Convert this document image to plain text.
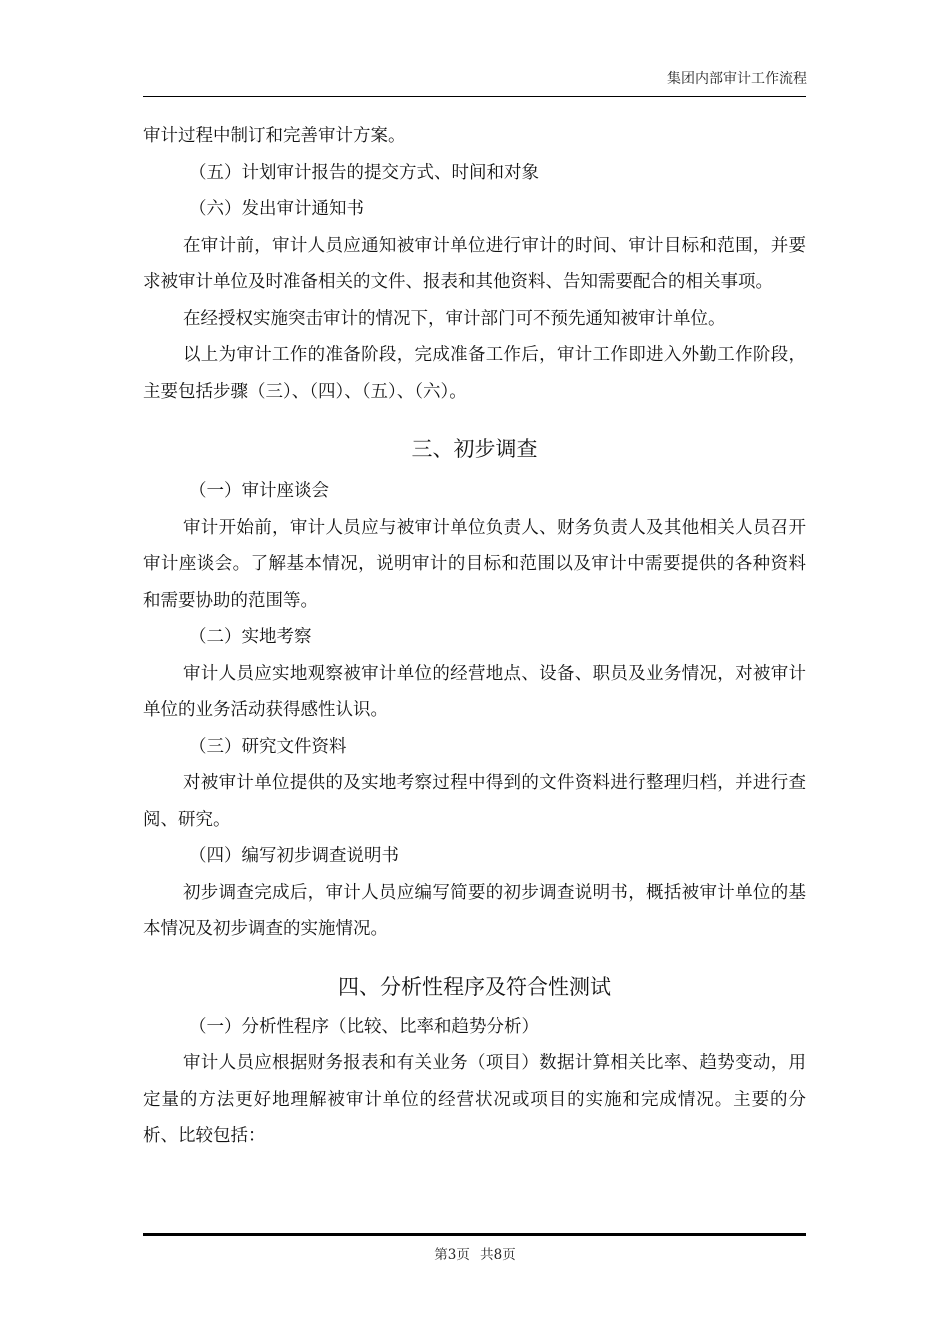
集团内部审计工作流程

审计过程中制订和完善审计方案。

（五）计划审计报告的提交方式、时间和对象

（六）发出审计通知书

在审计前，审计人员应通知被审计单位进行审计的时间、审计目标和范围，并要求被审计单位及时准备相关的文件、报表和其他资料、告知需要配合的相关事项。

在经授权实施突击审计的情况下，审计部门可不预先通知被审计单位。

以上为审计工作的准备阶段，完成准备工作后，审计工作即进入外勤工作阶段，主要包括步骤（三）、（四）、（五）、（六）。

三、初步调查

（一）审计座谈会

审计开始前，审计人员应与被审计单位负责人、财务负责人及其他相关人员召开审计座谈会。了解基本情况，说明审计的目标和范围以及审计中需要提供的各种资料和需要协助的范围等。

（二）实地考察

审计人员应实地观察被审计单位的经营地点、设备、职员及业务情况，对被审计单位的业务活动获得感性认识。

（三）研究文件资料

对被审计单位提供的及实地考察过程中得到的文件资料进行整理归档，并进行查阅、研究。

（四）编写初步调查说明书

初步调查完成后，审计人员应编写简要的初步调查说明书，概括被审计单位的基本情况及初步调查的实施情况。

四、分析性程序及符合性测试

（一）分析性程序（比较、比率和趋势分析）

审计人员应根据财务报表和有关业务（项目）数据计算相关比率、趋势变动，用定量的方法更好地理解被审计单位的经营状况或项目的实施和完成情况。主要的分析、比较包括：

第3页 共8页
